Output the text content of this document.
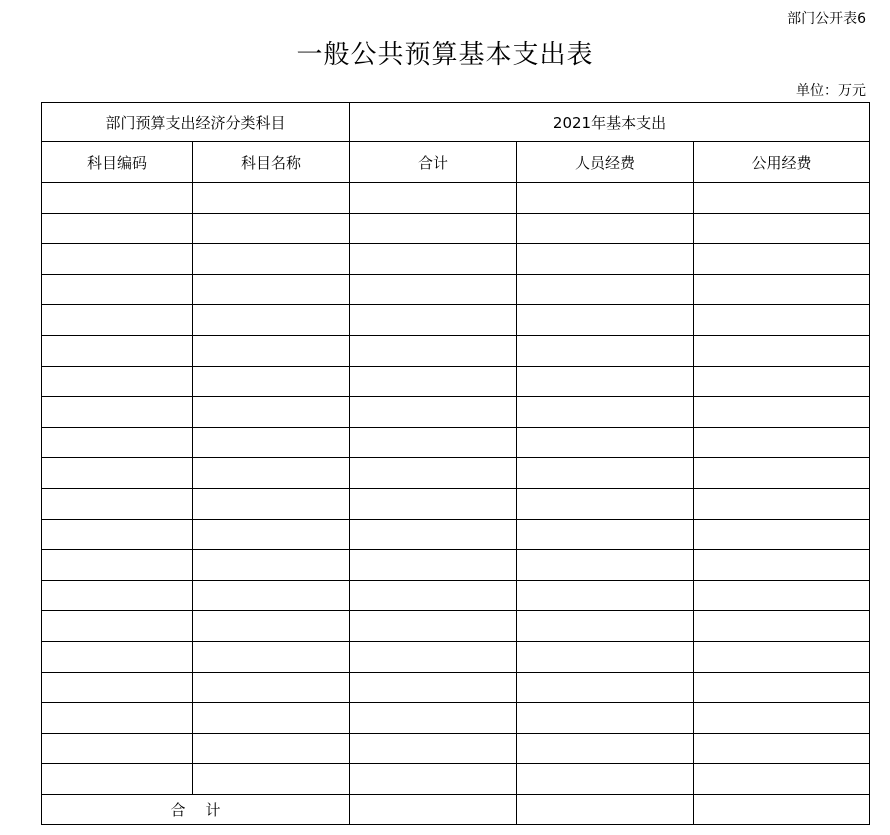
部门公开表6
一般公共预算基本支出表
单位：万元
部门预算支出经济分类科目		2021年基本支出		
科目编码	科目名称	合计	人员经费	公用经费

合计				
